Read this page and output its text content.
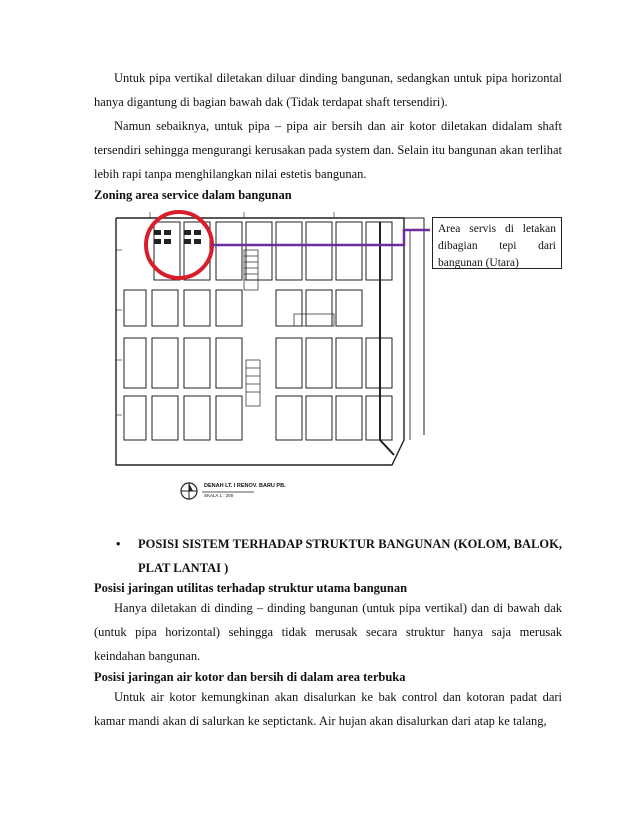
Untuk pipa vertikal diletakan diluar dinding bangunan, sedangkan untuk pipa horizontal hanya digantung di bagian bawah dak (Tidak terdapat shaft tersendiri).

Namun sebaiknya, untuk pipa – pipa air bersih dan air kotor diletakan didalam shaft tersendiri sehingga mengurangi kerusakan pada system dan. Selain itu bangunan akan terlihat lebih rapi tanpa menghilangkan nilai estetis bangunan.

Zoning area service dalam bangunan

DENAH LT. I RENOV. BARU PB.
SKALA 1 : 200
Area servis di letakan dibagian tepi dari bangunan (Utara)
• POSISI SISTEM TERHADAP STRUKTUR BANGUNAN (KOLOM, BALOK, PLAT LANTAI )

Posisi jaringan utilitas terhadap struktur utama bangunan

Hanya diletakan di dinding – dinding bangunan (untuk pipa vertikal) dan di bawah dak (untuk pipa horizontal) sehingga tidak merusak secara struktur hanya saja merusak keindahan bangunan.

Posisi jaringan air kotor dan bersih di dalam area terbuka

Untuk air kotor kemungkinan akan disalurkan ke bak control dan kotoran padat dari kamar mandi akan di salurkan ke septictank. Air hujan akan disalurkan dari atap ke talang,
